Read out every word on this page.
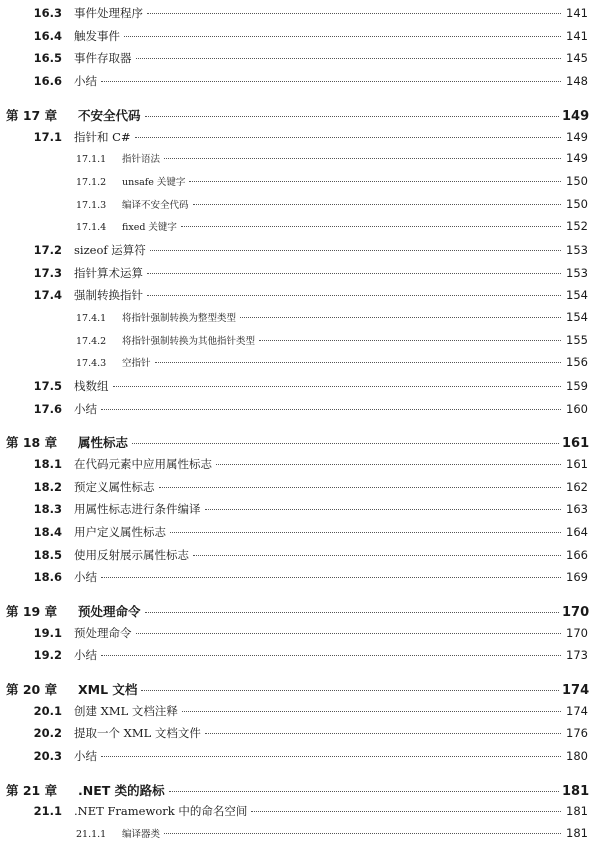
16.3	事件处理程序	141
16.4	触发事件	141
16.5	事件存取器	145
16.6	小结	148
第 17 章	不安全代码	149
17.1	指针和 C#	149
17.1.1	指针语法	149
17.1.2	unsafe 关键字	150
17.1.3	编译不安全代码	150
17.1.4	fixed 关键字	152
17.2	sizeof 运算符	153
17.3	指针算术运算	153
17.4	强制转换指针	154
17.4.1	将指针强制转换为整型类型	154
17.4.2	将指针强制转换为其他指针类型	155
17.4.3	空指针	156
17.5	栈数组	159
17.6	小结	160
第 18 章	属性标志	161
18.1	在代码元素中应用属性标志	161
18.2	预定义属性标志	162
18.3	用属性标志进行条件编译	163
18.4	用户定义属性标志	164
18.5	使用反射展示属性标志	166
18.6	小结	169
第 19 章	预处理命令	170
19.1	预处理命令	170
19.2	小结	173
第 20 章	XML 文档	174
20.1	创建 XML 文档注释	174
20.2	提取一个 XML 文档文件	176
20.3	小结	180
第 21 章	.NET 类的路标	181
21.1	.NET Framework 中的命名空间	181
21.1.1	编译器类	181
